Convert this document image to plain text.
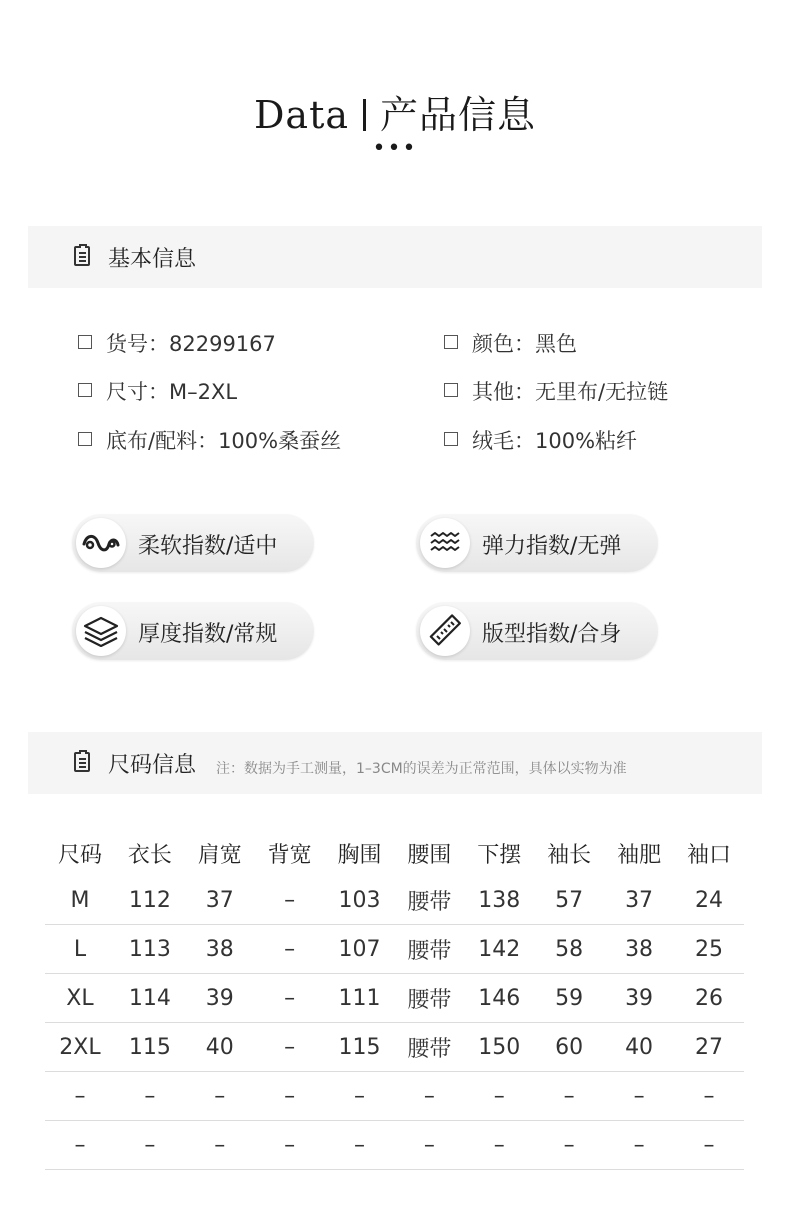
Data 产品信息
•••
基本信息
货号：82299167	颜色：黑色
尺寸：M–2XL	其他：无里布/无拉链
底布/配料：100%桑蚕丝	绒毛：100%粘纤
柔软指数/适中	弹力指数/无弹
厚度指数/常规	版型指数/合身
尺码信息 注：数据为手工测量，1–3CM的误差为正常范围，具体以实物为准
尺码	衣长	肩宽	背宽	胸围	腰围	下摆	袖长	袖肥	袖口
M	112	37	–	103	腰带	138	57	37	24
L	113	38	–	107	腰带	142	58	38	25
XL	114	39	–	111	腰带	146	59	39	26
2XL	115	40	–	115	腰带	150	60	40	27
–	–	–	–	–	–	–	–	–	–
–	–	–	–	–	–	–	–	–	–
